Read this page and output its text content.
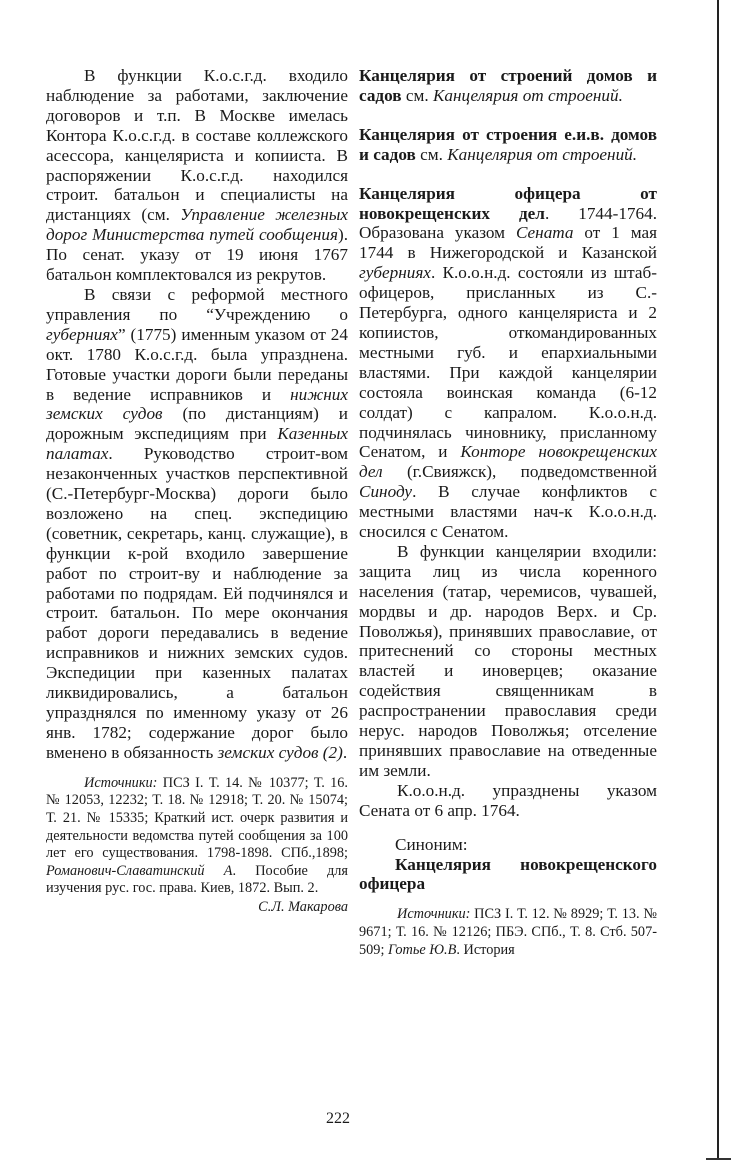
В функции К.о.с.г.д. входило наблюдение за работами, заключение договоров и т.п. В Москве имелась Контора К.о.с.г.д. в составе коллежского асессора, канцеляриста и копииста. В распоряжении К.о.с.г.д. находился строит. батальон и специалисты на дистанциях (см. Управление железных дорог Министерства путей сообщения). По сенат. указу от 19 июня 1767 батальон комплектовался из рекрутов.

В связи с реформой местного управления по “Учреждению о губерниях” (1775) именным указом от 24 окт. 1780 К.о.с.г.д. была упразднена. Готовые участки дороги были переданы в ведение исправников и нижних земских судов (по дистанциям) и дорожным экспедициям при Казенных палатах. Руководство строит-вом незаконченных участков перспективной (С.-Петербург-Москва) дороги было возложено на спец. экспедицию (советник, секретарь, канц. служащие), в функции к-рой входило завершение работ по строит-ву и наблюдение за работами по подрядам. Ей подчинялся и строит. батальон. По мере окончания работ дороги передавались в ведение исправников и нижних земских судов. Экспедиции при казенных палатах ликвидировались, а батальон упразднялся по именному указу от 26 янв. 1782; содержание дорог было вменено в обязанность земских судов (2).

Источники: ПСЗ I. Т. 14. № 10377; Т. 16. № 12053, 12232; Т. 18. № 12918; Т. 20. № 15074; Т. 21. № 15335; Краткий ист. очерк развития и деятельности ведомства путей сообщения за 100 лет его существования. 1798-1898. СПб.,1898; Романович-Славатинский А. Пособие для изучения рус. гос. права. Киев, 1872. Вып. 2.

С.Л. Макарова

Канцелярия от строений домов и садов см. Канцелярия от строений.

Канцелярия от строения е.и.в. домов и садов см. Канцелярия от строений.

Канцелярия офицера от новокрещенских дел. 1744-1764. Образована указом Сената от 1 мая 1744 в Нижегородской и Казанской губерниях. К.о.о.н.д. состояли из штаб-офицеров, присланных из С.-Петербурга, одного канцеляриста и 2 копиистов, откомандированных местными губ. и епархиальными властями. При каждой канцелярии состояла воинская команда (6-12 солдат) с капралом. К.о.о.н.д. подчинялась чиновнику, присланному Сенатом, и Конторе новокрещенских дел (г.Свияжск), подведомственной Синоду. В случае конфликтов с местными властями нач-к К.о.о.н.д. сносился с Сенатом.

В функции канцелярии входили: защита лиц из числа коренного населения (татар, черемисов, чувашей, мордвы и др. народов Верх. и Ср. Поволжья), принявших православие, от притеснений со стороны местных властей и иноверцев; оказание содействия священникам в распространении православия среди нерус. народов Поволжья; отселение принявших православие на отведенные им земли.

К.о.о.н.д. упразднены указом Сената от 6 апр. 1764.

Синоним:

Канцелярия новокрещенского офицера

Источники: ПСЗ I. Т. 12. № 8929; Т. 13. № 9671; Т. 16. № 12126; ПБЭ. СПб., Т. 8. Стб. 507-509; Готье Ю.В. История

222
